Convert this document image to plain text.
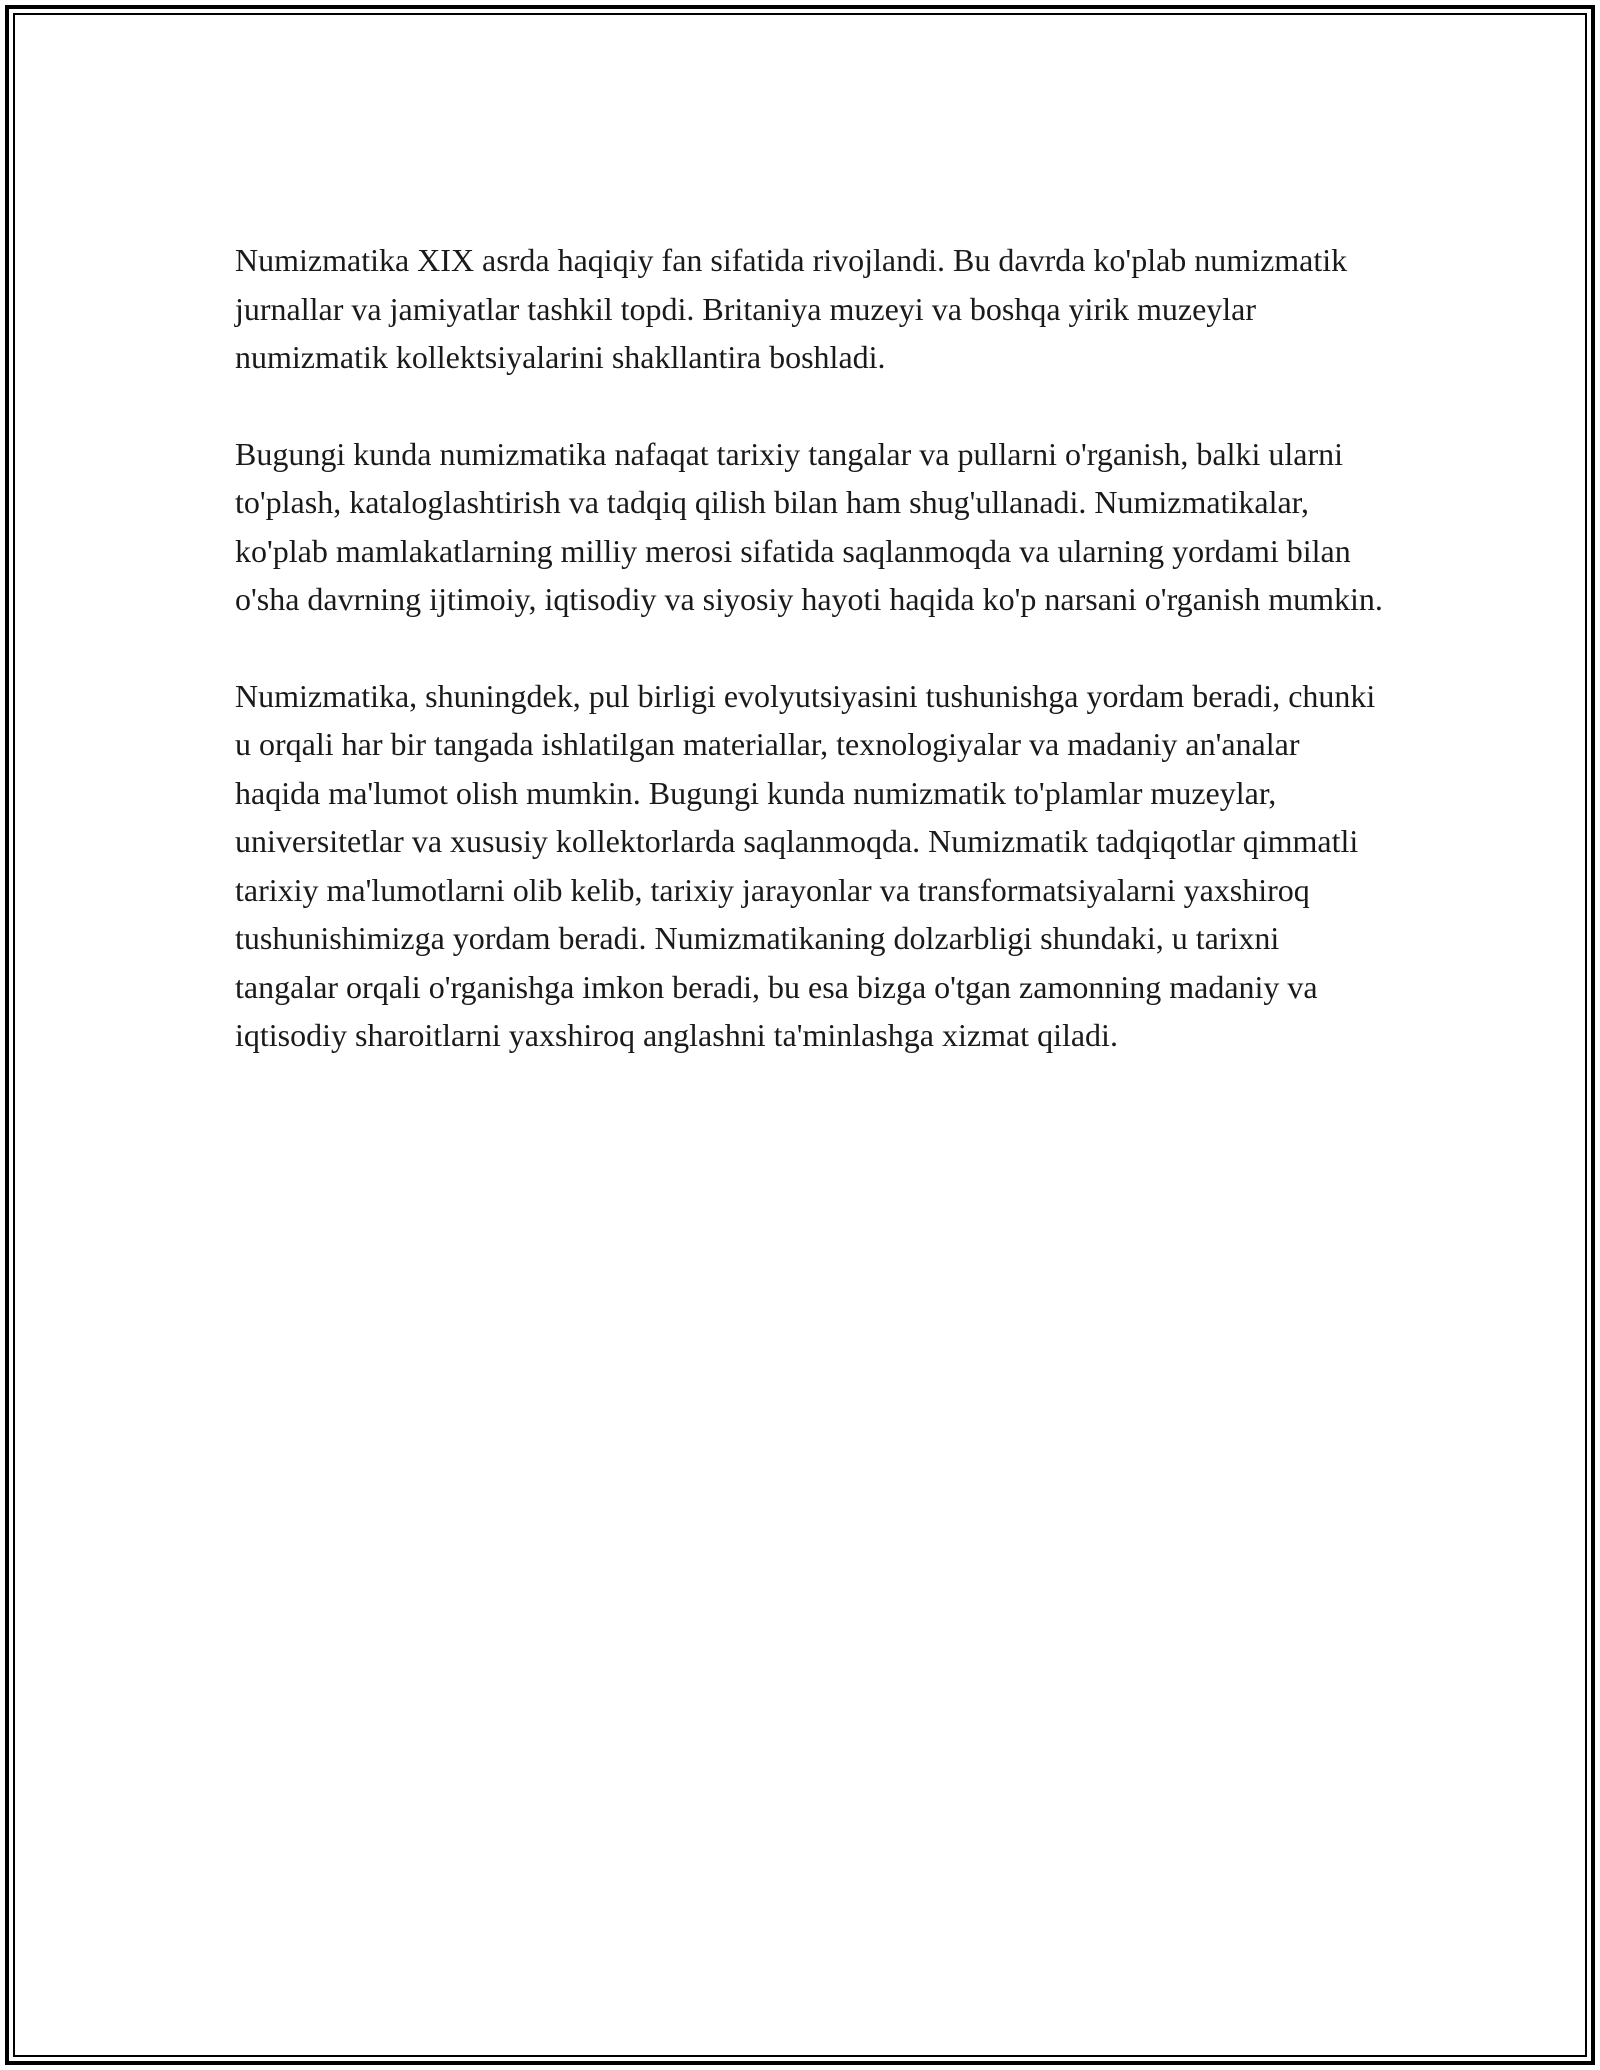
Numizmatika XIX asrda haqiqiy fan sifatida rivojlandi. Bu davrda ko'plab numizmatik jurnallar va jamiyatlar tashkil topdi. Britaniya muzeyi va boshqa yirik muzeylar numizmatik kollektsiyalarini shakllantira boshladi.

Bugungi kunda numizmatika nafaqat tarixiy tangalar va pullarni o'rganish, balki ularni to'plash, kataloglashtirish va tadqiq qilish bilan ham shug'ullanadi. Numizmatikalar, ko'plab mamlakatlarning milliy merosi sifatida saqlanmoqda va ularning yordami bilan o'sha davrning ijtimoiy, iqtisodiy va siyosiy hayoti haqida ko'p narsani o'rganish mumkin.

Numizmatika, shuningdek, pul birligi evolyutsiyasini tushunishga yordam beradi, chunki u orqali har bir tangada ishlatilgan materiallar, texnologiyalar va madaniy an'analar haqida ma'lumot olish mumkin. Bugungi kunda numizmatik to'plamlar muzeylar, universitetlar va xususiy kollektorlarda saqlanmoqda. Numizmatik tadqiqotlar qimmatli tarixiy ma'lumotlarni olib kelib, tarixiy jarayonlar va transformatsiyalarni yaxshiroq tushunishimizga yordam beradi. Numizmatikaning dolzarbligi shundaki, u tarixni tangalar orqali o'rganishga imkon beradi, bu esa bizga o'tgan zamonning madaniy va iqtisodiy sharoitlarni yaxshiroq anglashni ta'minlashga xizmat qiladi.
